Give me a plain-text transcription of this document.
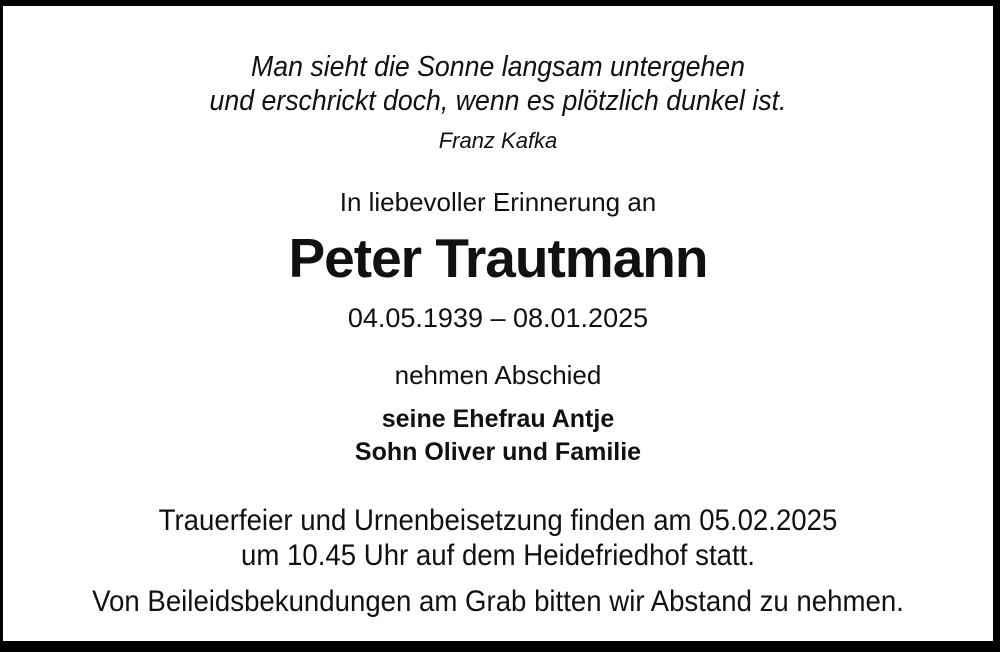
Man sieht die Sonne langsam untergehen
und erschrickt doch, wenn es plötzlich dunkel ist.
Franz Kafka
In liebevoller Erinnerung an
Peter Trautmann
04.05.1939 – 08.01.2025
nehmen Abschied
seine Ehefrau Antje
Sohn Oliver und Familie
Trauerfeier und Urnenbeisetzung finden am 05.02.2025
um 10.45 Uhr auf dem Heidefriedhof statt.
Von Beileidsbekundungen am Grab bitten wir Abstand zu nehmen.
